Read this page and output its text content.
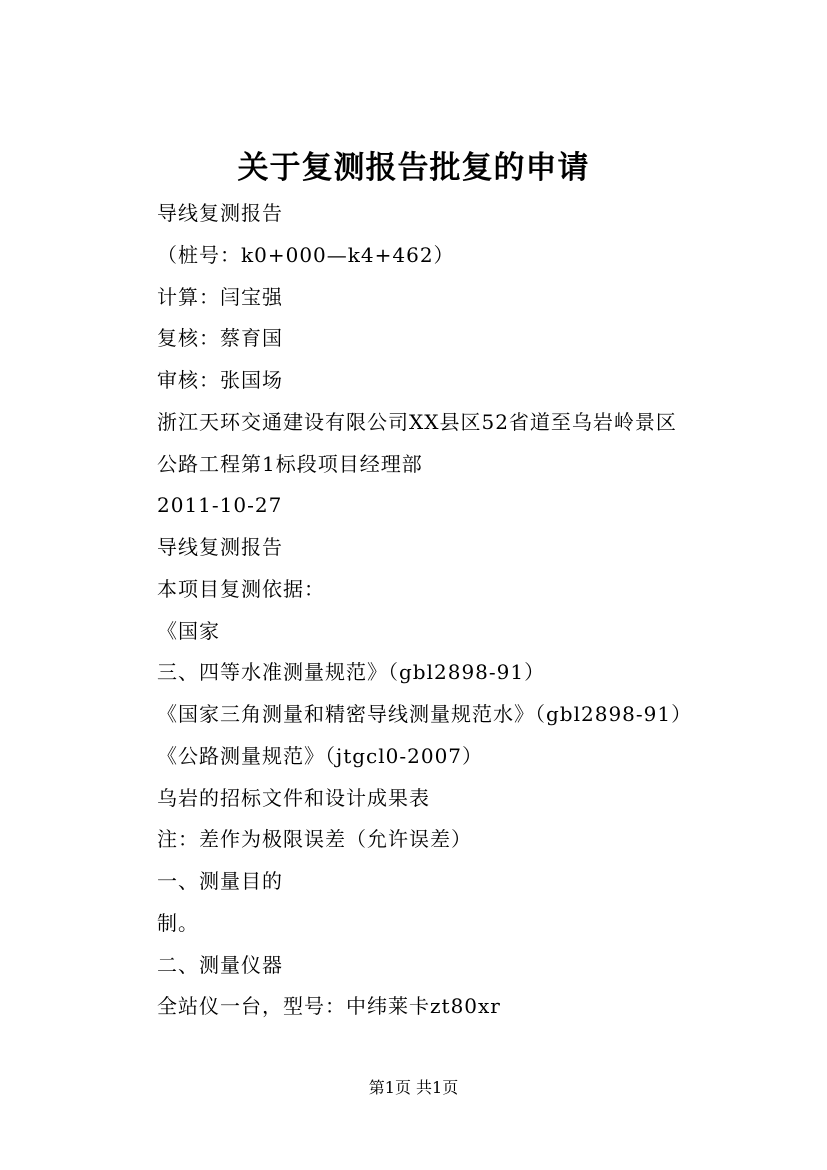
关于复测报告批复的申请
导线复测报告
（桩号：k0+000—k4+462）
计算：闫宝强
复核：蔡育国
审核：张国场
浙江天环交通建设有限公司XX县区52省道至乌岩岭景区
公路工程第1标段项目经理部
2011-10-27
导线复测报告
本项目复测依据：
《国家
三、四等水准测量规范》（gbl2898-91）
《国家三角测量和精密导线测量规范水》（gbl2898-91）
《公路测量规范》（jtgcl0-2007）
乌岩的招标文件和设计成果表
注：差作为极限误差（允许误差）
一、测量目的
制。
二、测量仪器
全站仪一台，型号：中纬莱卡zt80xr
第1页 共1页
